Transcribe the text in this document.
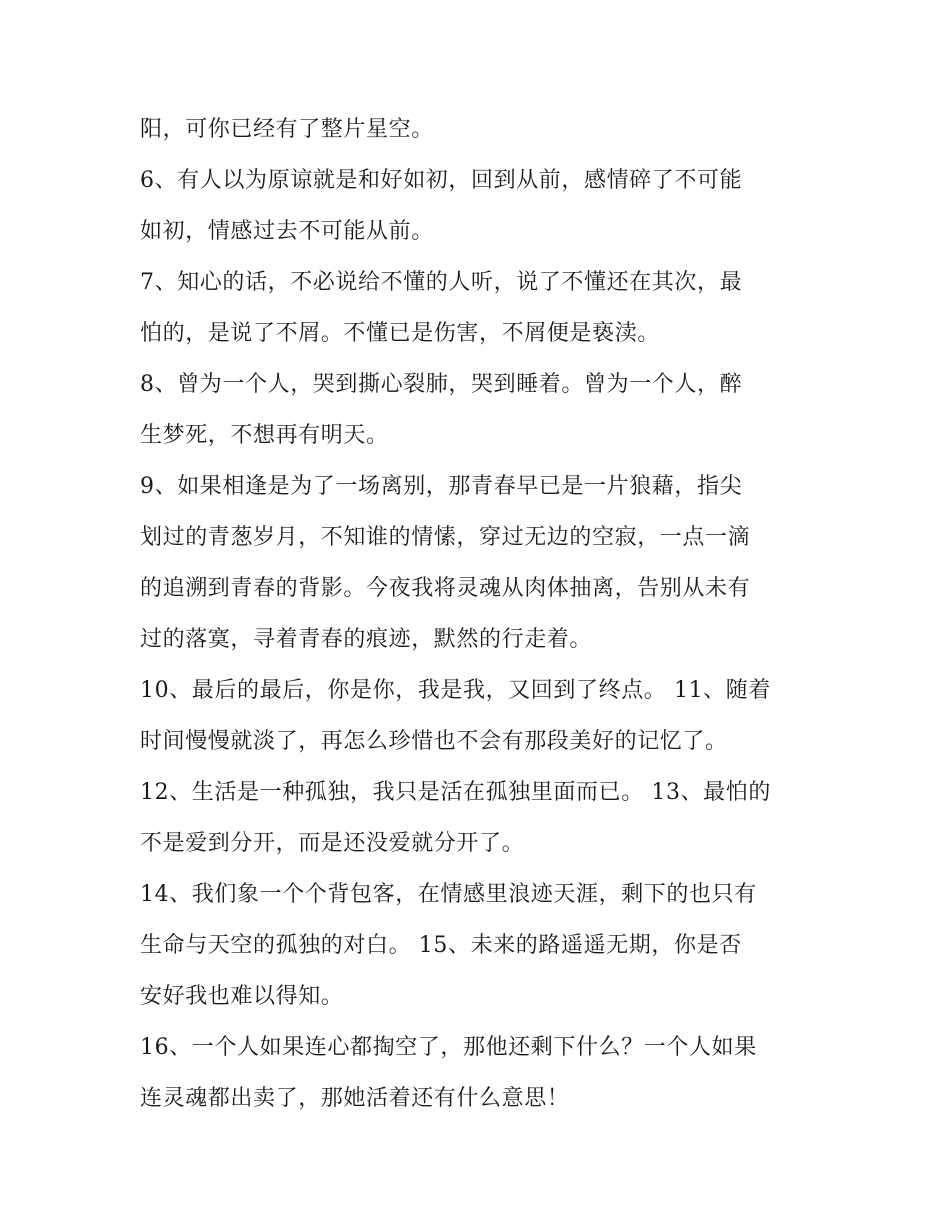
阳，可你已经有了整片星空。
6、有人以为原谅就是和好如初，回到从前，感情碎了不可能
如初，情感过去不可能从前。
7、知心的话，不必说给不懂的人听，说了不懂还在其次，最
怕的，是说了不屑。不懂已是伤害，不屑便是亵渎。
8、曾为一个人，哭到撕心裂肺，哭到睡着。曾为一个人，醉
生梦死，不想再有明天。
9、如果相逢是为了一场离别，那青春早已是一片狼藉，指尖
划过的青葱岁月，不知谁的情愫，穿过无边的空寂，一点一滴
的追溯到青春的背影。今夜我将灵魂从肉体抽离，告别从未有
过的落寞，寻着青春的痕迹，默然的行走着。
10、最后的最后，你是你，我是我，又回到了终点。 11、随着
时间慢慢就淡了，再怎么珍惜也不会有那段美好的记忆了。
12、生活是一种孤独，我只是活在孤独里面而已。 13、最怕的
不是爱到分开，而是还没爱就分开了。
14、我们象一个个背包客，在情感里浪迹天涯，剩下的也只有
生命与天空的孤独的对白。 15、未来的路遥遥无期，你是否
安好我也难以得知。
16、一个人如果连心都掏空了，那他还剩下什么？一个人如果
连灵魂都出卖了，那她活着还有什么意思！
